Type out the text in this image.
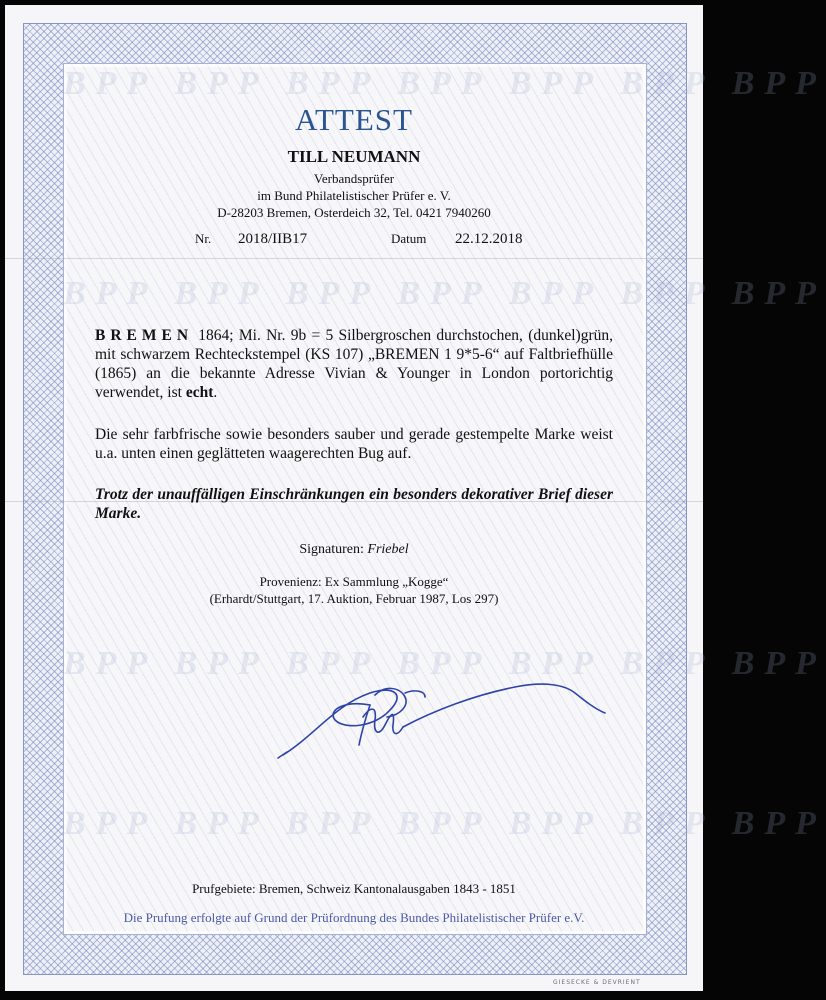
BPP BPP BPP BPP BPP BPP BPP
BPP BPP BPP BPP BPP BPP BPP
BPP BPP BPP BPP BPP BPP BPP
BPP BPP BPP BPP BPP BPP BPP
ATTEST
TILL NEUMANN
Verbandsprüfer
im Bund Philatelistischer Prüfer e. V.
D-28203 Bremen, Osterdeich 32, Tel. 0421 7940260
Nr. 2018/IIB17	Datum 22.12.2018
BREMEN 1864; Mi. Nr. 9b = 5 Silbergroschen durchstochen, (dunkel)grün, mit schwarzem Rechteckstempel (KS 107) „BREMEN 1 9*5-6“ auf Faltbriefhülle (1865) an die bekannte Adresse Vivian & Younger in London portorichtig verwendet, ist echt.
Die sehr farbfrische sowie besonders sauber und gerade gestempelte Marke weist u.a. unten einen geglätteten waagerechten Bug auf.
Trotz der unauffälligen Einschränkungen ein besonders dekorativer Brief dieser Marke.
Signaturen: Friebel
Provenienz: Ex Sammlung „Kogge“
(Erhardt/Stuttgart, 17. Auktion, Februar 1987, Los 297)
Prufgebiete: Bremen, Schweiz Kantonalausgaben 1843 - 1851
Die Prufung erfolgte auf Grund der Prüfordnung des Bundes Philatelistischer Prüfer e.V.
GIESECKE & DEVRIENT
